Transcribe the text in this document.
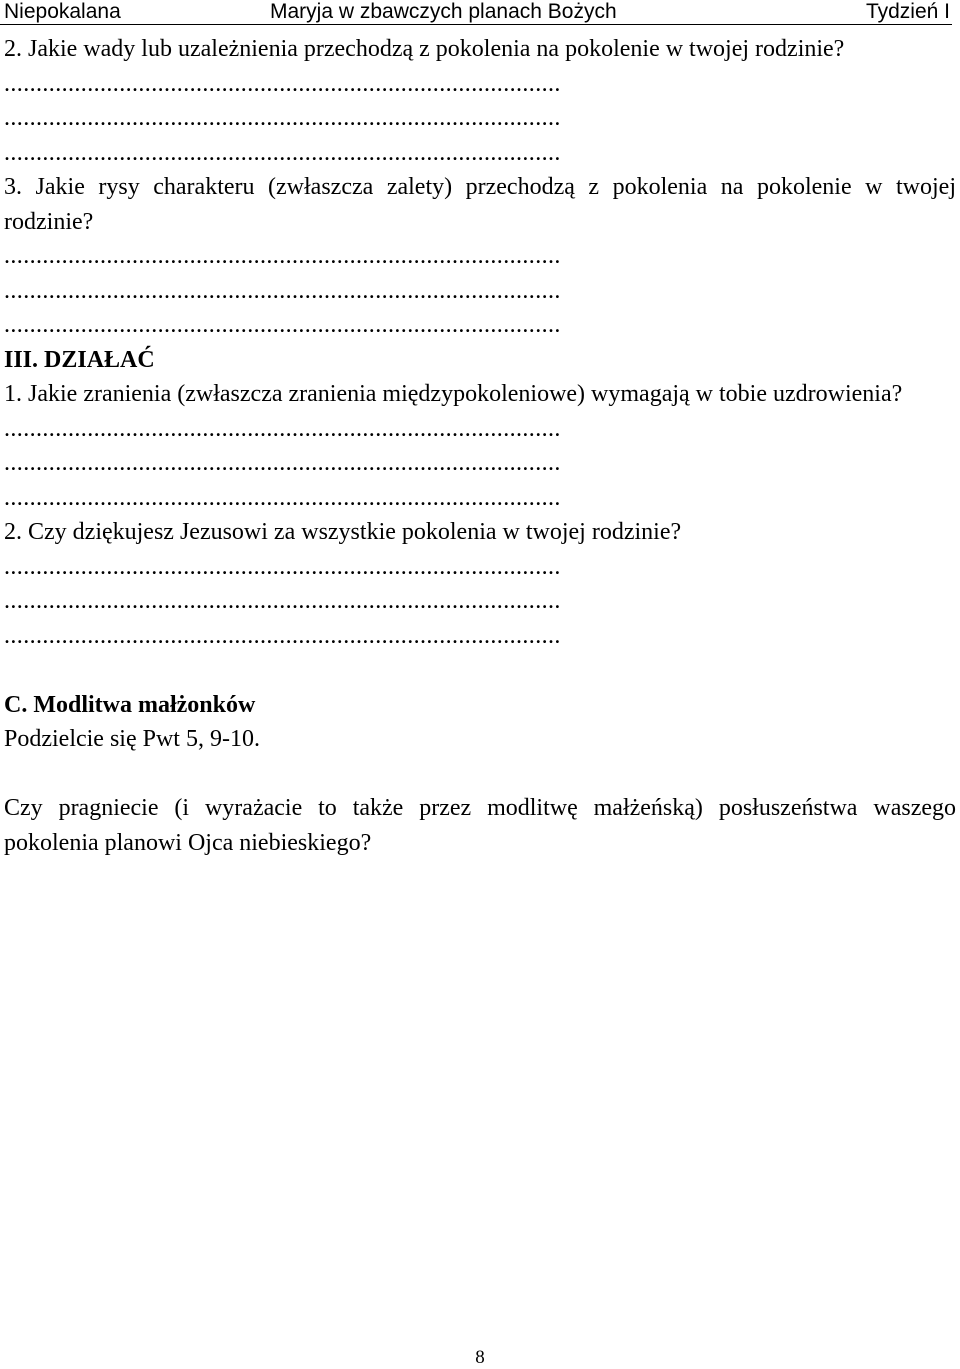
Niepokalana	Maryja w zbawczych planach Bożych	Tydzień I

2. Jakie wady lub uzależnienia przechodzą z pokolenia na pokolenie w twojej rodzinie?

.......................................................................................
.......................................................................................
.......................................................................................

3. Jakie rysy charakteru (zwłaszcza zalety) przechodzą z pokolenia na pokolenie w twojej rodzinie?

.......................................................................................
.......................................................................................
.......................................................................................

III. DZIAŁAĆ

1. Jakie zranienia (zwłaszcza zranienia międzypokoleniowe) wymagają w tobie uzdrowienia?

.......................................................................................
.......................................................................................
.......................................................................................

2. Czy dziękujesz Jezusowi za wszystkie pokolenia w twojej rodzinie?

.......................................................................................
.......................................................................................
.......................................................................................

C. Modlitwa małżonków

Podzielcie się Pwt 5, 9-10.

Czy pragniecie (i wyrażacie to także przez modlitwę małżeńską) posłuszeństwa waszego pokolenia planowi Ojca niebieskiego?

8
